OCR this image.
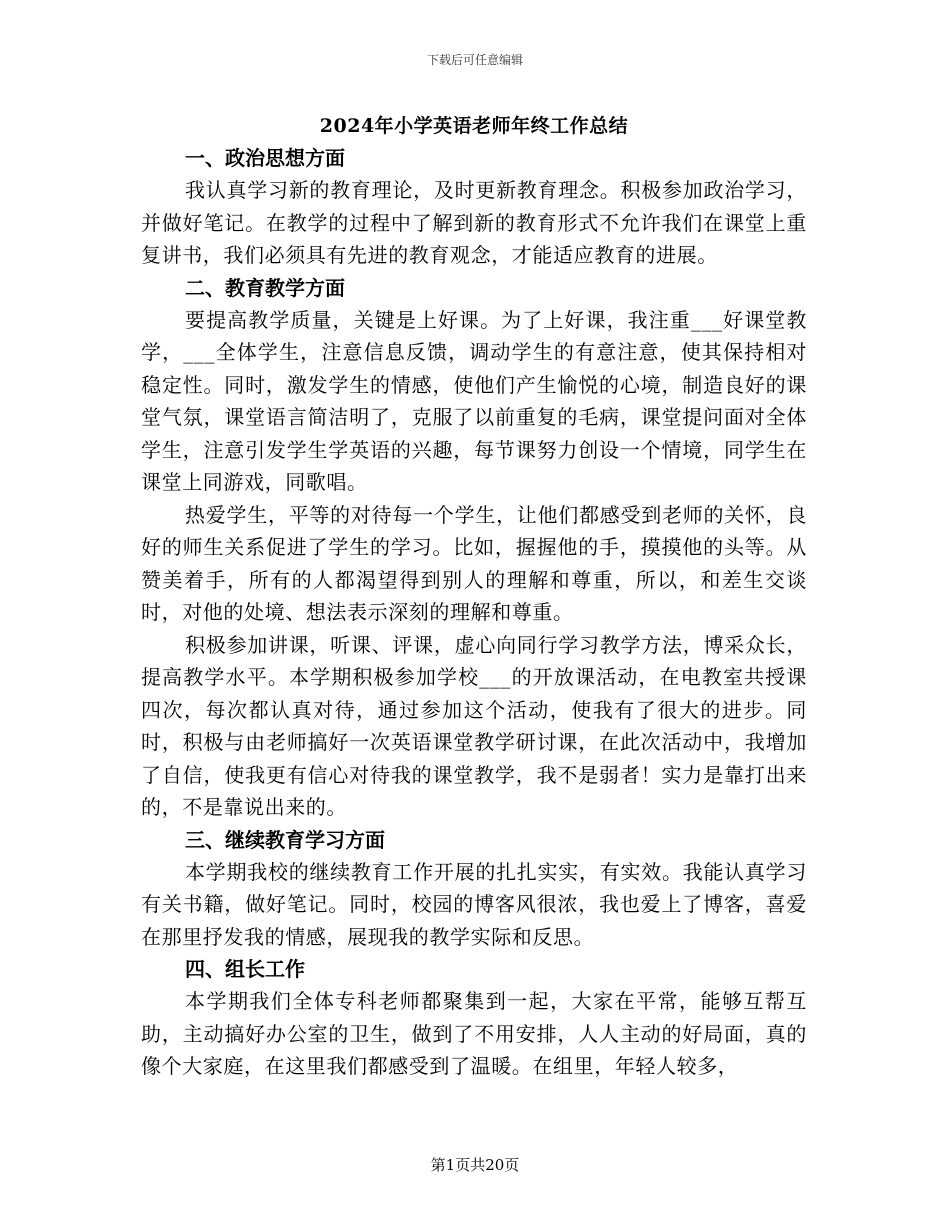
下载后可任意编辑
2024年小学英语老师年终工作总结
一、政治思想方面

我认真学习新的教育理论，及时更新教育理念。积极参加政治学习，并做好笔记。在教学的过程中了解到新的教育形式不允许我们在课堂上重复讲书，我们必须具有先进的教育观念，才能适应教育的进展。

二、教育教学方面

要提高教学质量，关键是上好课。为了上好课，我注重___好课堂教学，___全体学生，注意信息反馈，调动学生的有意注意，使其保持相对稳定性。同时，激发学生的情感，使他们产生愉悦的心境，制造良好的课堂气氛，课堂语言简洁明了，克服了以前重复的毛病，课堂提问面对全体学生，注意引发学生学英语的兴趣，每节课努力创设一个情境，同学生在课堂上同游戏，同歌唱。

热爱学生，平等的对待每一个学生，让他们都感受到老师的关怀，良好的师生关系促进了学生的学习。比如，握握他的手，摸摸他的头等。从赞美着手，所有的人都渴望得到别人的理解和尊重，所以，和差生交谈时，对他的处境、想法表示深刻的理解和尊重。

积极参加讲课，听课、评课，虚心向同行学习教学方法，博采众长，提高教学水平。本学期积极参加学校___的开放课活动，在电教室共授课四次，每次都认真对待，通过参加这个活动，使我有了很大的进步。同时，积极与由老师搞好一次英语课堂教学研讨课，在此次活动中，我增加了自信，使我更有信心对待我的课堂教学，我不是弱者！实力是靠打出来的，不是靠说出来的。

三、继续教育学习方面

本学期我校的继续教育工作开展的扎扎实实，有实效。我能认真学习有关书籍，做好笔记。同时，校园的博客风很浓，我也爱上了博客，喜爱在那里抒发我的情感，展现我的教学实际和反思。

四、组长工作

本学期我们全体专科老师都聚集到一起，大家在平常，能够互帮互助，主动搞好办公室的卫生，做到了不用安排，人人主动的好局面，真的像个大家庭，在这里我们都感受到了温暖。在组里，年轻人较多，

第1页共20页
